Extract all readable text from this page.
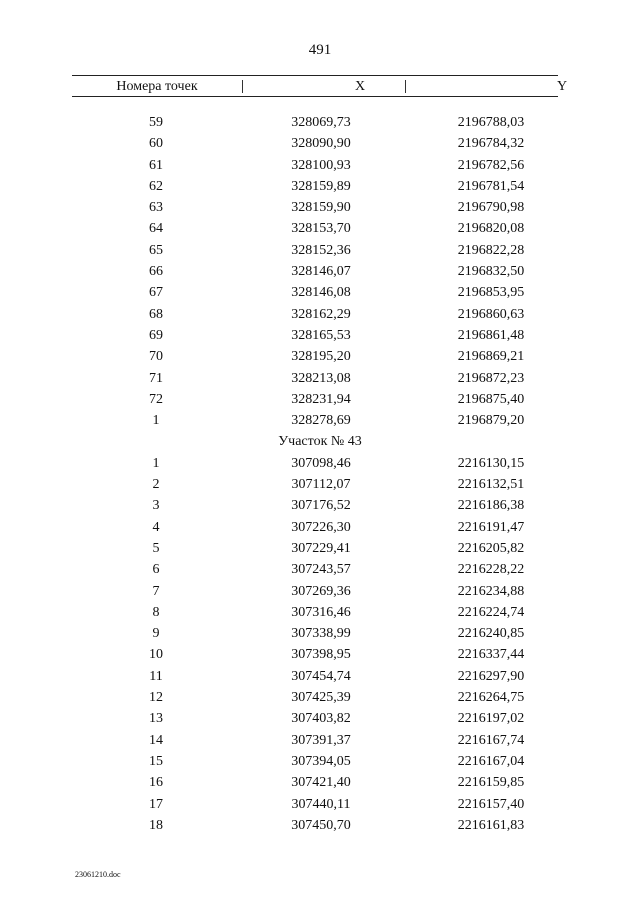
491
Номера точек	X	Y
59	328069,73	2196788,03
60	328090,90	2196784,32
61	328100,93	2196782,56
62	328159,89	2196781,54
63	328159,90	2196790,98
64	328153,70	2196820,08
65	328152,36	2196822,28
66	328146,07	2196832,50
67	328146,08	2196853,95
68	328162,29	2196860,63
69	328165,53	2196861,48
70	328195,20	2196869,21
71	328213,08	2196872,23
72	328231,94	2196875,40
1	328278,69	2196879,20
Участок № 43
1	307098,46	2216130,15
2	307112,07	2216132,51
3	307176,52	2216186,38
4	307226,30	2216191,47
5	307229,41	2216205,82
6	307243,57	2216228,22
7	307269,36	2216234,88
8	307316,46	2216224,74
9	307338,99	2216240,85
10	307398,95	2216337,44
11	307454,74	2216297,90
12	307425,39	2216264,75
13	307403,82	2216197,02
14	307391,37	2216167,74
15	307394,05	2216167,04
16	307421,40	2216159,85
17	307440,11	2216157,40
18	307450,70	2216161,83
23061210.doc
